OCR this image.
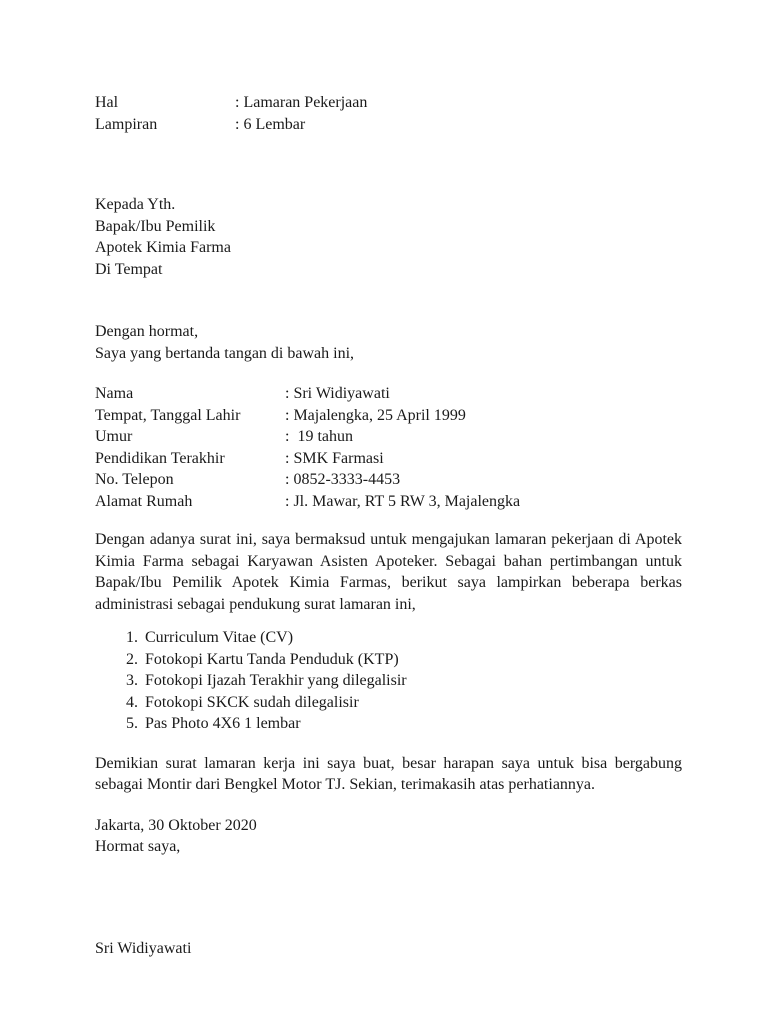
Hal	: Lamaran Pekerjaan
Lampiran	: 6 Lembar
Kepada Yth.
Bapak/Ibu Pemilik
Apotek Kimia Farma
Di Tempat
Dengan hormat,
Saya yang bertanda tangan di bawah ini,
Nama	: Sri Widiyawati
Tempat, Tanggal Lahir	: Majalengka, 25 April 1999
Umur	:  19 tahun
Pendidikan Terakhir	: SMK Farmasi
No. Telepon	: 0852-3333-4453
Alamat Rumah	: Jl. Mawar, RT 5 RW 3, Majalengka

Dengan adanya surat ini, saya bermaksud untuk mengajukan lamaran pekerjaan di Apotek Kimia Farma sebagai Karyawan Asisten Apoteker. Sebagai bahan pertimbangan untuk Bapak/Ibu Pemilik Apotek Kimia Farmas, berikut saya lampirkan beberapa berkas administrasi sebagai pendukung surat lamaran ini,

1. Curriculum Vitae (CV)
2. Fotokopi Kartu Tanda Penduduk (KTP)
3. Fotokopi Ijazah Terakhir yang dilegalisir
4. Fotokopi SKCK sudah dilegalisir
5. Pas Photo 4X6 1 lembar

Demikian surat lamaran kerja ini saya buat, besar harapan saya untuk bisa bergabung sebagai Montir dari Bengkel Motor TJ. Sekian, terimakasih atas perhatiannya.

Jakarta, 30 Oktober 2020
Hormat saya,
Sri Widiyawati
